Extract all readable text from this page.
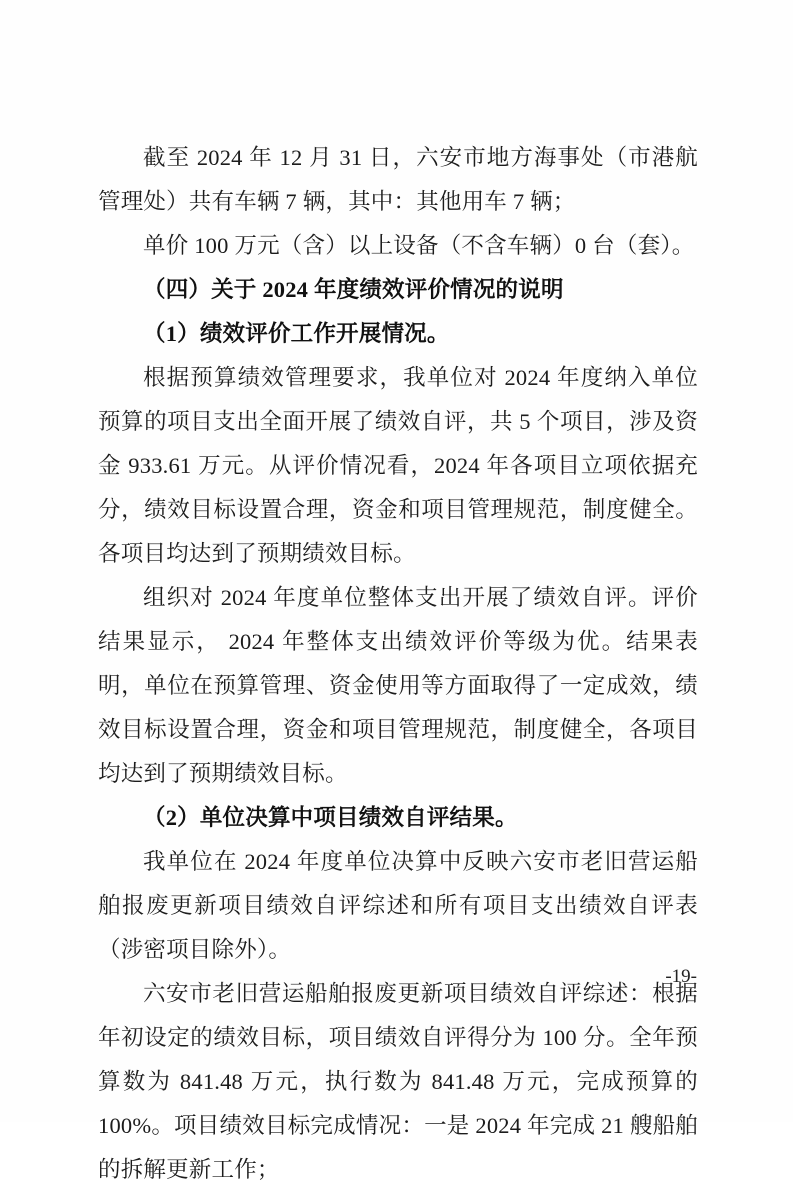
截至 2024 年 12 月 31 日，六安市地方海事处（市港航管理处）共有车辆 7 辆，其中：其他用车 7 辆；

单价 100 万元（含）以上设备（不含车辆）0 台（套）。

（四）关于 2024 年度绩效评价情况的说明

（1）绩效评价工作开展情况。

根据预算绩效管理要求，我单位对 2024 年度纳入单位预算的项目支出全面开展了绩效自评，共 5 个项目，涉及资金 933.61 万元。从评价情况看，2024 年各项目立项依据充分，绩效目标设置合理，资金和项目管理规范，制度健全。各项目均达到了预期绩效目标。

组织对 2024 年度单位整体支出开展了绩效自评。评价结果显示， 2024 年整体支出绩效评价等级为优。结果表明，单位在预算管理、资金使用等方面取得了一定成效，绩效目标设置合理，资金和项目管理规范，制度健全，各项目均达到了预期绩效目标。

（2）单位决算中项目绩效自评结果。

我单位在 2024 年度单位决算中反映六安市老旧营运船舶报废更新项目绩效自评综述和所有项目支出绩效自评表（涉密项目除外）。

六安市老旧营运船舶报废更新项目绩效自评综述：根据年初设定的绩效目标，项目绩效自评得分为 100 分。全年预算数为 841.48 万元，执行数为 841.48 万元，完成预算的 100%。项目绩效目标完成情况：一是 2024 年完成 21 艘船舶的拆解更新工作；

-19-
